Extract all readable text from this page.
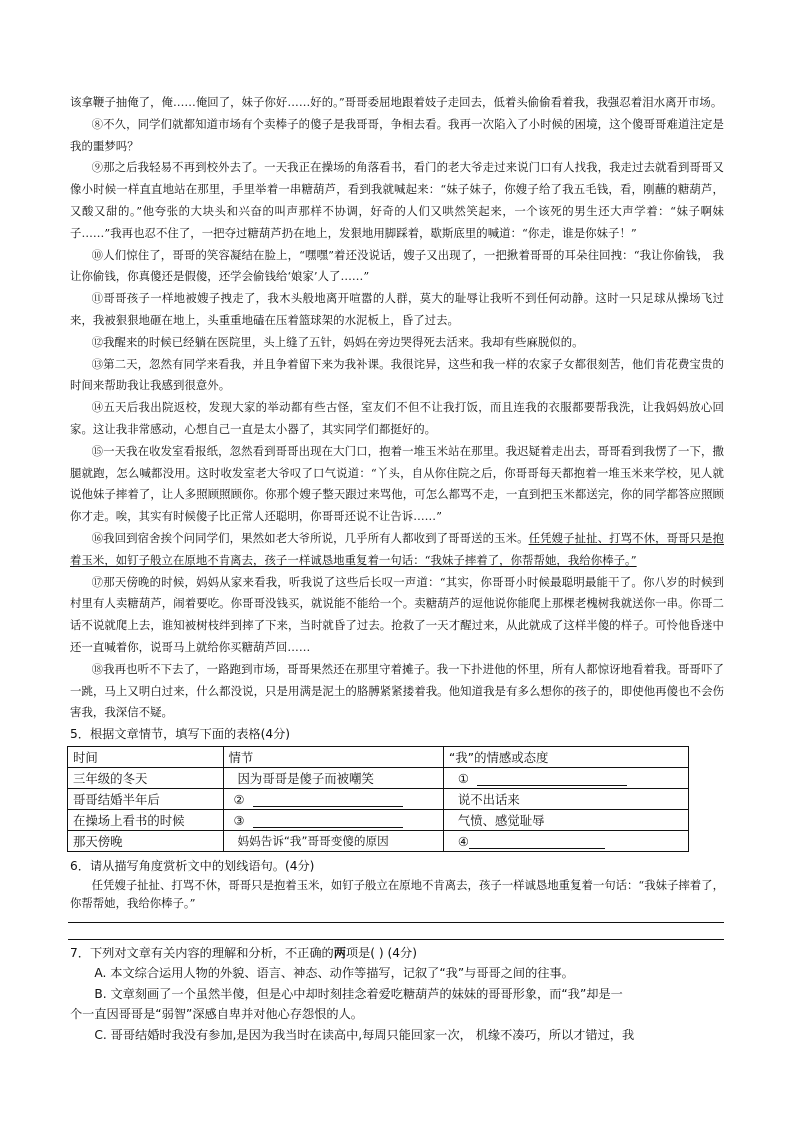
该拿鞭子抽俺了，俺……俺回了，妹子你好……好的。”哥哥委屈地跟着妓子走回去，低着头偷偷看着我，我强忍着泪水离开市场。

⑧不久，同学们就都知道市场有个卖棒子的傻子是我哥哥，争相去看。我再一次陷入了小时候的困境，这个傻哥哥难道注定是我的噩梦吗？

⑨那之后我轻易不再到校外去了。一天我正在操场的角落看书，看门的老大爷走过来说门口有人找我，我走过去就看到哥哥又像小时候一样直直地站在那里，手里举着一串糖葫芦，看到我就喊起来：“妹子妹子，你嫂子给了我五毛钱，看，刚蘸的糖葫芦，又酸又甜的。”他夸张的大块头和兴奋的叫声那样不协调，好奇的人们又哄然笑起来，一个该死的男生还大声学着：“妹子啊妹子……”我再也忍不住了，一把夺过糖葫芦扔在地上，发狠地用脚踩着，歇斯底里的喊道：“你走，谁是你妹子！”

⑩人们惊住了，哥哥的笑容凝结在脸上，“嘿嘿”着还没说话，嫂子又出现了，一把揪着哥哥的耳朵往回拽：“我让你偷钱， 我让你偷钱，你真傻还是假傻，还学会偷钱给‘娘家’人了……”

⑪哥哥孩子一样地被嫂子拽走了，我木头般地离开喧嚣的人群，莫大的耻辱让我听不到任何动静。这时一只足球从操场飞过来，我被狠狠地砸在地上，头重重地磕在压着篮球架的水泥板上，昏了过去。

⑫我醒来的时候已经躺在医院里，头上缝了五针，妈妈在旁边哭得死去活来。我却有些麻脱似的。

⑬第二天，忽然有同学来看我，并且争着留下来为我补课。我很诧异，这些和我一样的农家子女都很刻苦，他们肯花费宝贵的时间来帮助我让我感到很意外。

⑭五天后我出院返校，发现大家的举动都有些古怪，室友们不但不让我打饭，而且连我的衣服都要帮我洗，让我妈妈放心回家。这让我非常感动，心想自己一直是太小器了，其实同学们都挺好的。

⑮一天我在收发室看报纸，忽然看到哥哥出现在大门口，抱着一堆玉米站在那里。我迟疑着走出去，哥哥看到我愣了一下，撒腿就跑，怎么喊都没用。这时收发室老大爷叹了口气说道：“丫头，自从你住院之后，你哥哥每天都抱着一堆玉米来学校，见人就说他妹子摔着了，让人多照顾照顾你。你那个嫂子整天跟过来骂他，可怎么都骂不走，一直到把玉米都送完，你的同学都答应照顾你才走。唉，其实有时候傻子比正常人还聪明，你哥哥还说不让告诉……”

⑯我回到宿舍挨个问同学们，果然如老大爷所说，几乎所有人都收到了哥哥送的玉米。任凭嫂子扯扯、打骂不休，哥哥只是抱着玉米，如钉子般立在原地不肯离去，孩子一样诚恳地重复着一句话：“我妹子摔着了，你帮帮她，我给你棒子。”

⑰那天傍晚的时候，妈妈从家来看我，听我说了这些后长叹一声道：“其实，你哥哥小时候最聪明最能干了。你八岁的时候到村里有人卖糖葫芦，闹着要吃。你哥哥没钱买，就说能不能给一个。卖糖葫芦的逗他说你能爬上那棵老槐树我就送你一串。你哥二话不说就爬上去，谁知被树枝绊到摔了下来，当时就昏了过去。抢救了一天才醒过来，从此就成了这样半傻的样子。可怜他昏迷中还一直喊着你，说哥马上就给你买糖葫芦回……

⑱我再也听不下去了，一路跑到市场，哥哥果然还在那里守着摊子。我一下扑进他的怀里，所有人都惊讶地看着我。哥哥吓了一跳，马上又明白过来，什么都没说，只是用满是泥土的胳膊紧紧搂着我。他知道我是有多么想你的孩子的，即使他再傻也不会伤害我，我深信不疑。

5．根据文章情节，填写下面的表格(4分)

时间	情节	“我”的情感或态度
三年级的冬天	因为哥哥是傻子而被嘲笑	①
哥哥结婚半年后	②	说不出话来
在操场上看书的时候	③	气愤、感觉耻辱
那天傍晚	妈妈告诉“我”哥哥变傻的原因	④

6．请从描写角度赏析文中的划线语句。(4分)

任凭嫂子扯扯、打骂不休，哥哥只是抱着玉米，如钉子般立在原地不肯离去，孩子一样诚恳地重复着一句话：“我妹子摔着了，你帮帮她，我给你棒子。”

7．下列对文章有关内容的理解和分析，不正确的两项是( ) (4分)

A. 本文综合运用人物的外貌、语言、神态、动作等描写，记叙了“我”与哥哥之间的往事。

B. 文章刻画了一个虽然半傻，但是心中却时刻挂念着爱吃糖葫芦的妹妹的哥哥形象，而“我”却是一

个一直因哥哥是“弱智”深感自卑并对他心存怨恨的人。

C. 哥哥结婚时我没有参加,是因为我当时在读高中,每周只能回家一次， 机缘不凑巧，所以才错过，我
